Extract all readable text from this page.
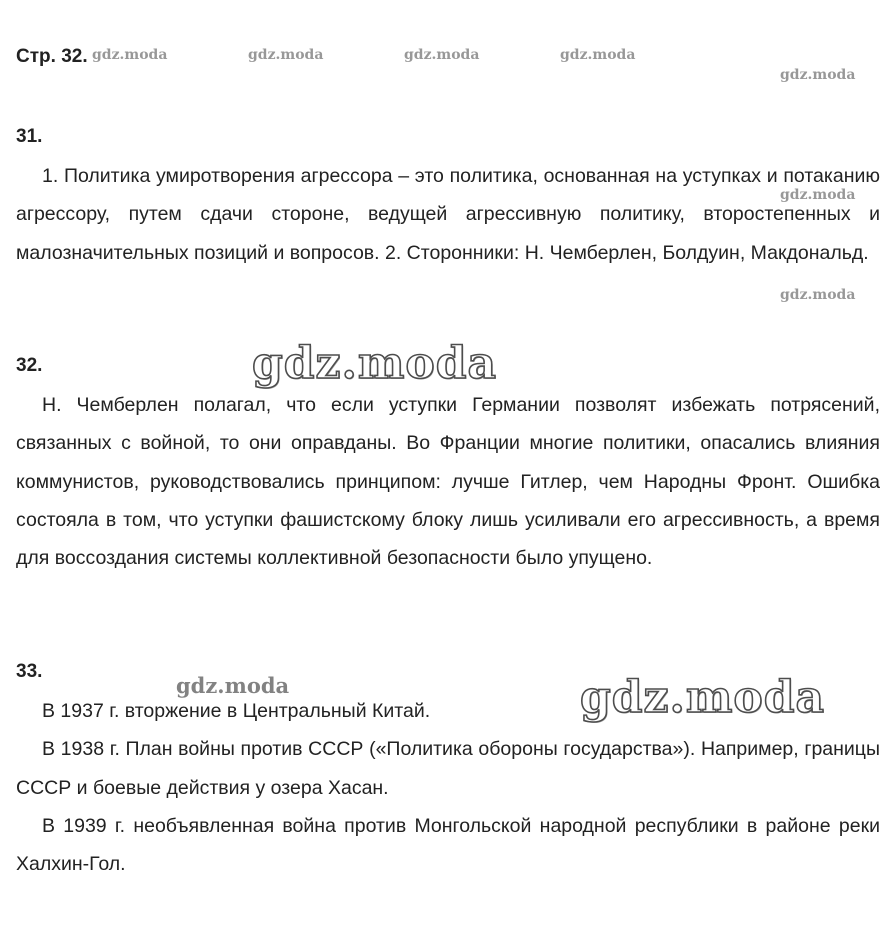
Стр. 32.

31.

1. Политика умиротворения агрессора – это политика, основанная на уступках и потаканию агрессору, путем сдачи стороне, ведущей агрессивную политику, второстепенных и малозначительных позиций и вопросов. 2. Сторонники: Н. Чемберлен, Болдуин, Макдональд.

32.

Н. Чемберлен полагал, что если уступки Германии позволят избежать потрясений, связанных с войной, то они оправданы. Во Франции многие политики, опасались влияния коммунистов, руководствовались принципом: лучше Гитлер, чем Народны Фронт. Ошибка состояла в том, что уступки фашистскому блоку лишь усиливали его агрессивность, а время для воссоздания системы коллективной безопасности было упущено.

33.

В 1937 г. вторжение в Центральный Китай.

В 1938 г. План войны против СССР («Политика обороны государства»). Например, границы СССР и боевые действия у озера Хасан.

В 1939 г. необъявленная война против Монгольской народной республики в районе реки Халхин-Гол.

gdz.moda	gdz.moda	gdz.moda	gdz.moda
gdz.moda
gdz.moda
gdz.moda
gdz.moda
gdz.moda	gdz.moda
